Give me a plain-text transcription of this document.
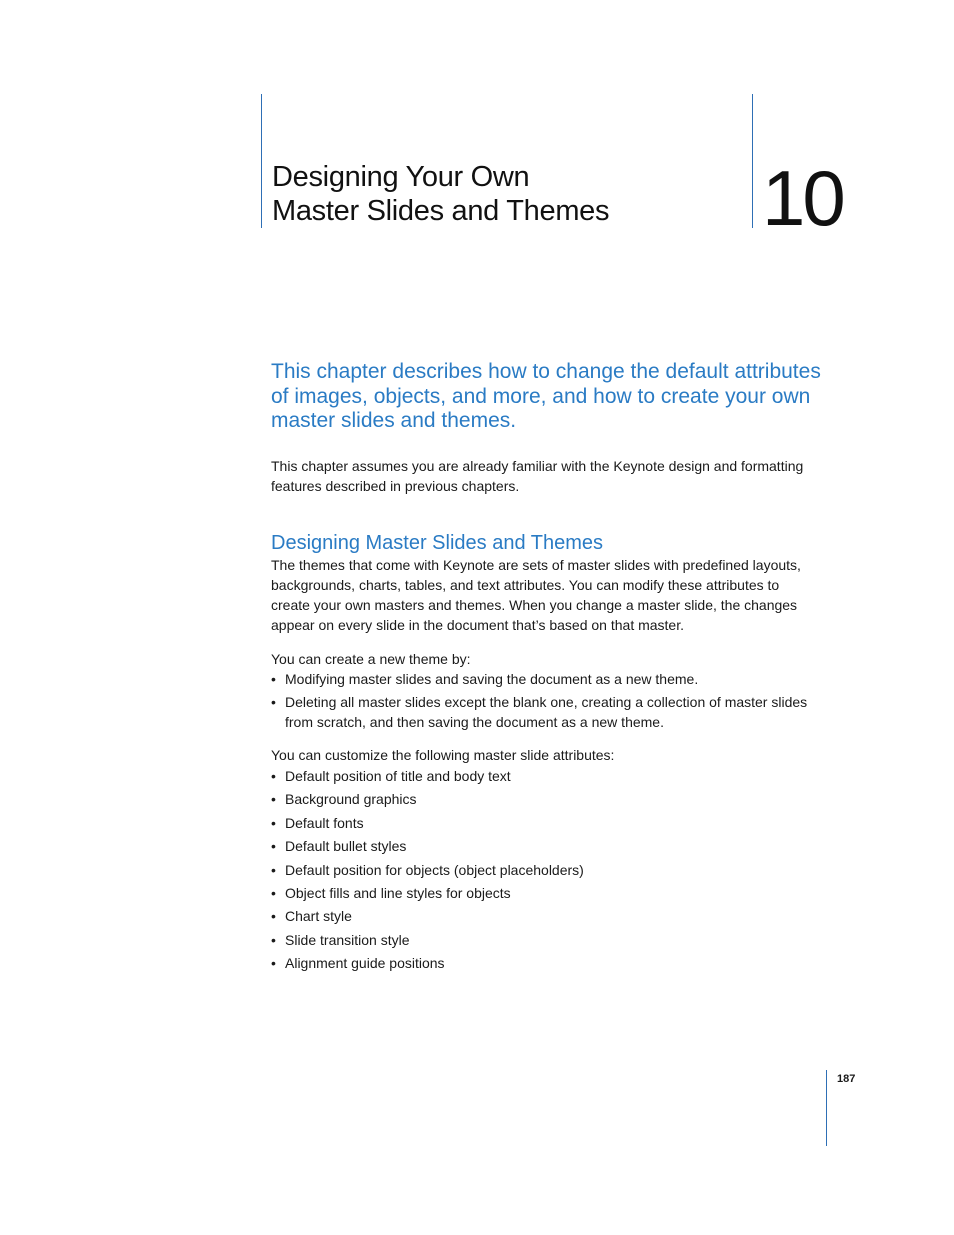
Designing Your Own
Master Slides and Themes	10

This chapter describes how to change the default attributes
of images, objects, and more, and how to create your own
master slides and themes.

This chapter assumes you are already familiar with the Keynote design and formatting
features described in previous chapters.

Designing Master Slides and Themes

The themes that come with Keynote are sets of master slides with predefined layouts,
backgrounds, charts, tables, and text attributes. You can modify these attributes to
create your own masters and themes. When you change a master slide, the changes
appear on every slide in the document that’s based on that master.

You can create a new theme by:

• Modifying master slides and saving the document as a new theme.
• Deleting all master slides except the blank one, creating a collection of master slides
from scratch, and then saving the document as a new theme.

You can customize the following master slide attributes:

• Default position of title and body text
• Background graphics
• Default fonts
• Default bullet styles
• Default position for objects (object placeholders)
• Object fills and line styles for objects
• Chart style
• Slide transition style
• Alignment guide positions
187
